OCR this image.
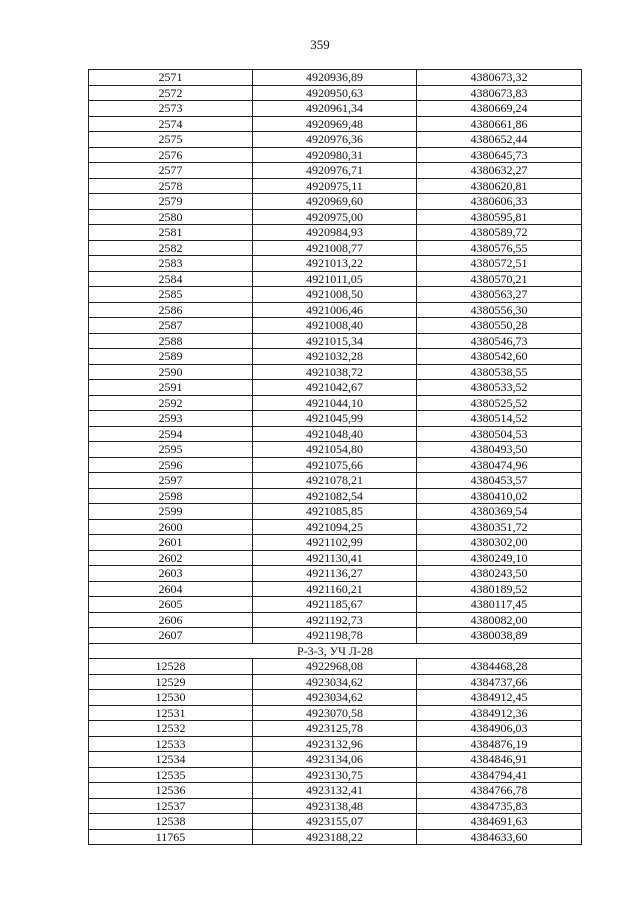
359
2571	4920936,89	4380673,32
2572	4920950,63	4380673,83
2573	4920961,34	4380669,24
2574	4920969,48	4380661,86
2575	4920976,36	4380652,44
2576	4920980,31	4380645,73
2577	4920976,71	4380632,27
2578	4920975,11	4380620,81
2579	4920969,60	4380606,33
2580	4920975,00	4380595,81
2581	4920984,93	4380589,72
2582	4921008,77	4380576,55
2583	4921013,22	4380572,51
2584	4921011,05	4380570,21
2585	4921008,50	4380563,27
2586	4921006,46	4380556,30
2587	4921008,40	4380550,28
2588	4921015,34	4380546,73
2589	4921032,28	4380542,60
2590	4921038,72	4380538,55
2591	4921042,67	4380533,52
2592	4921044,10	4380525,52
2593	4921045,99	4380514,52
2594	4921048,40	4380504,53
2595	4921054,80	4380493,50
2596	4921075,66	4380474,96
2597	4921078,21	4380453,57
2598	4921082,54	4380410,02
2599	4921085,85	4380369,54
2600	4921094,25	4380351,72
2601	4921102,99	4380302,00
2602	4921130,41	4380249,10
2603	4921136,27	4380243,50
2604	4921160,21	4380189,52
2605	4921185,67	4380117,45
2606	4921192,73	4380082,00
2607	4921198,78	4380038,89
Р-3-3, УЧ Л-28		
12528	4922968,08	4384468,28
12529	4923034,62	4384737,66
12530	4923034,62	4384912,45
12531	4923070,58	4384912,36
12532	4923125,78	4384906,03
12533	4923132,96	4384876,19
12534	4923134,06	4384846,91
12535	4923130,75	4384794,41
12536	4923132,41	4384766,78
12537	4923138,48	4384735,83
12538	4923155,07	4384691,63
11765	4923188,22	4384633,60
